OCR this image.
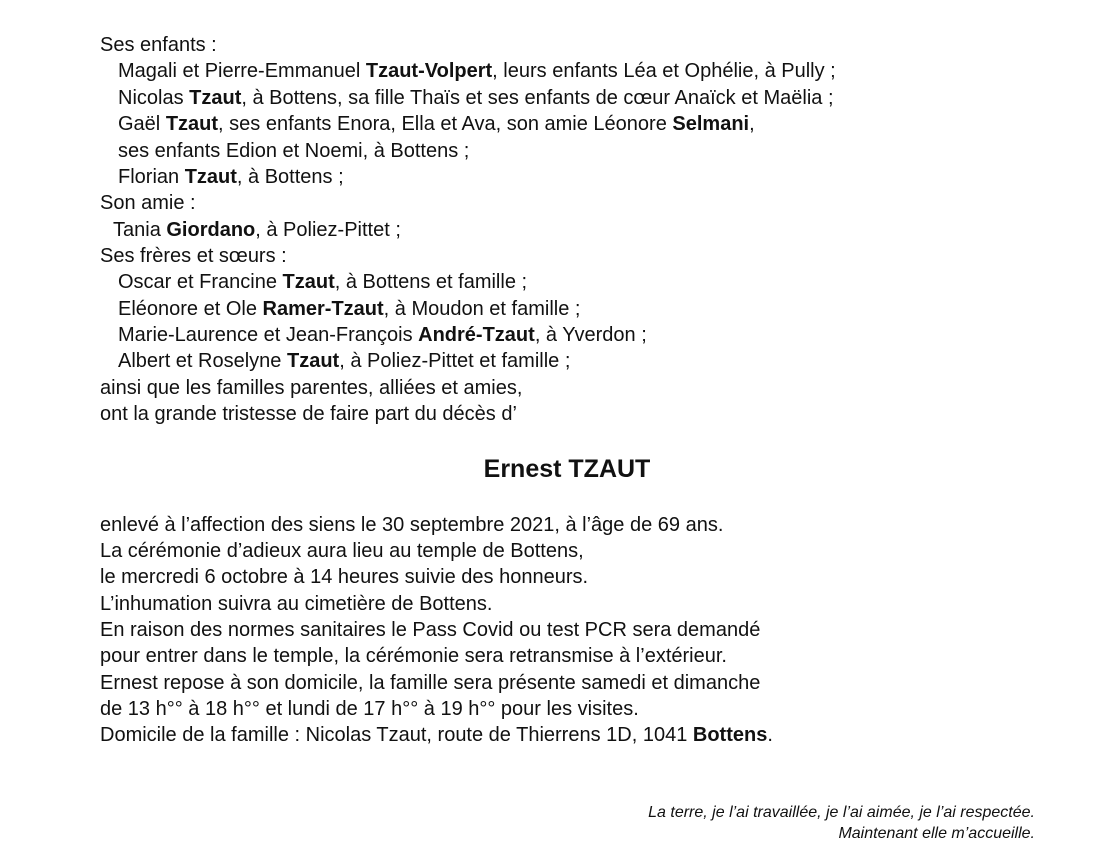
Ses enfants :
Magali et Pierre-Emmanuel Tzaut-Volpert, leurs enfants Léa et Ophélie, à Pully ;
Nicolas Tzaut, à Bottens, sa fille Thaïs et ses enfants de cœur Anaïck et Maëlia ;
Gaël Tzaut, ses enfants Enora, Ella et Ava, son amie Léonore Selmani,
ses enfants Edion et Noemi, à Bottens ;
Florian Tzaut, à Bottens ;
Son amie :
Tania Giordano, à Poliez-Pittet ;
Ses frères et sœurs :
Oscar et Francine Tzaut, à Bottens et famille ;
Eléonore et Ole Ramer-Tzaut, à Moudon et famille ;
Marie-Laurence et Jean-François André-Tzaut, à Yverdon ;
Albert et Roselyne Tzaut, à Poliez-Pittet et famille ;
ainsi que les familles parentes, alliées et amies,
ont la grande tristesse de faire part du décès d’
Ernest TZAUT
enlevé à l’affection des siens le 30 septembre 2021, à l’âge de 69 ans.
La cérémonie d’adieux aura lieu au temple de Bottens,
le mercredi 6 octobre à 14 heures suivie des honneurs.
L’inhumation suivra au cimetière de Bottens.
En raison des normes sanitaires le Pass Covid ou test PCR sera demandé
pour entrer dans le temple, la cérémonie sera retransmise à l’extérieur.
Ernest repose à son domicile, la famille sera présente samedi et dimanche
de 13 h°° à 18 h°° et lundi de 17 h°° à 19 h°° pour les visites.
Domicile de la famille : Nicolas Tzaut, route de Thierrens 1D, 1041 Bottens.
La terre, je l’ai travaillée, je l’ai aimée, je l’ai respectée.
Maintenant elle m’accueille.
